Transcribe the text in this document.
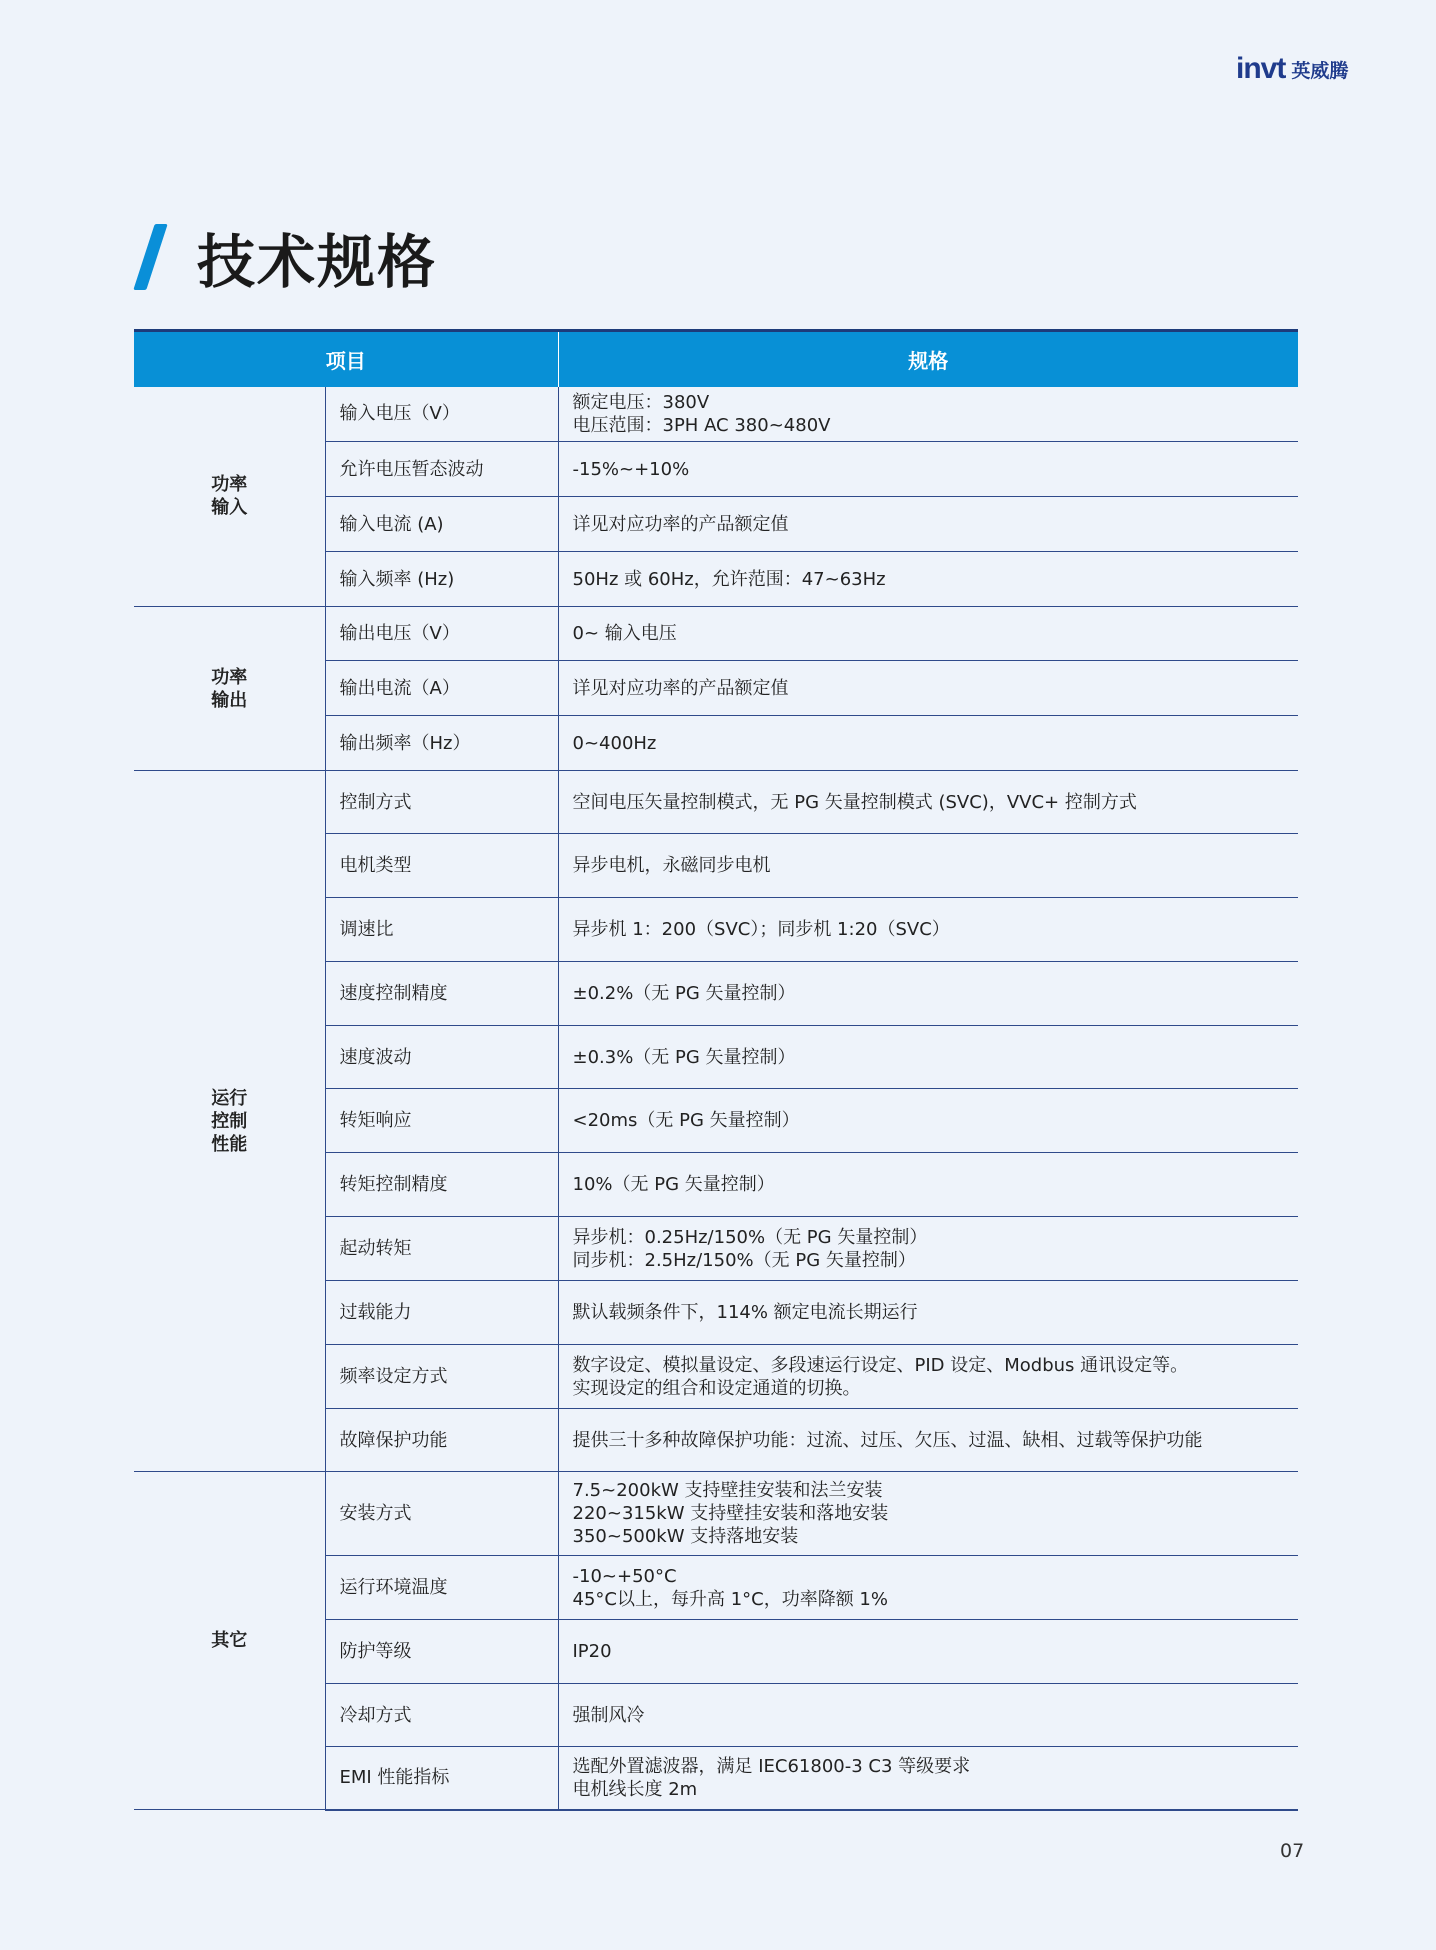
invt 英威腾
技术规格
项目		规格
功率
输入	输入电压（V）	额定电压：380V
电压范围：3PH AC 380~480V
	允许电压暂态波动	-15%~+10%
	输入电流 (A)	详见对应功率的产品额定值
	输入频率 (Hz)	50Hz 或 60Hz，允许范围：47~63Hz
功率
输出	输出电压（V）	0~ 输入电压
	输出电流（A）	详见对应功率的产品额定值
	输出频率（Hz）	0~400Hz
运行
控制
性能	控制方式	空间电压矢量控制模式，无 PG 矢量控制模式 (SVC)，VVC+ 控制方式
	电机类型	异步电机，永磁同步电机
	调速比	异步机 1：200（SVC）；同步机 1:20（SVC）
	速度控制精度	±0.2%（无 PG 矢量控制）
	速度波动	±0.3%（无 PG 矢量控制）
	转矩响应	<20ms（无 PG 矢量控制）
	转矩控制精度	10%（无 PG 矢量控制）
	起动转矩	异步机：0.25Hz/150%（无 PG 矢量控制）
同步机：2.5Hz/150%（无 PG 矢量控制）
	过载能力	默认载频条件下，114% 额定电流长期运行
	频率设定方式	数字设定、模拟量设定、多段速运行设定、PID 设定、Modbus 通讯设定等。
实现设定的组合和设定通道的切换。
	故障保护功能	提供三十多种故障保护功能：过流、过压、欠压、过温、缺相、过载等保护功能
其它	安装方式	7.5~200kW 支持壁挂安装和法兰安装
220~315kW 支持壁挂安装和落地安装
350~500kW 支持落地安装
	运行环境温度	-10~+50°C
45°C以上，每升高 1°C，功率降额 1%
	防护等级	IP20
	冷却方式	强制风冷
	EMI 性能指标	选配外置滤波器，满足 IEC61800-3 C3 等级要求
电机线长度 2m
07
